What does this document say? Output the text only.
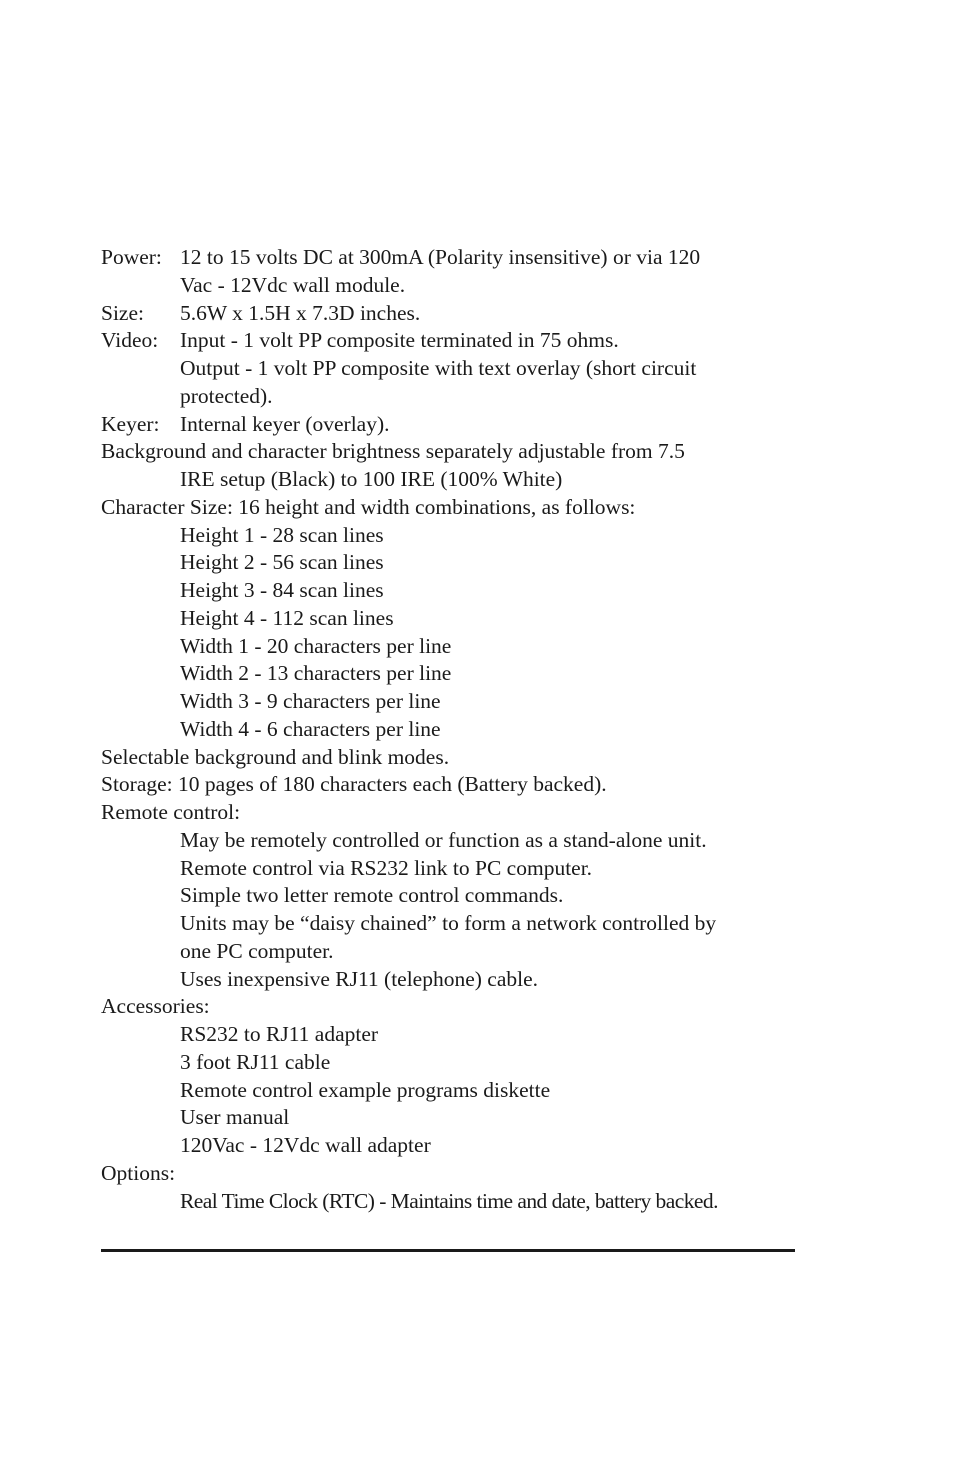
Power: 12 to 15 volts DC at 300mA (Polarity insensitive) or via 120
Vac - 12Vdc wall module.
Size: 5.6W x 1.5H x 7.3D inches.
Video: Input - 1 volt PP composite terminated in 75 ohms.
Output - 1 volt PP composite with text overlay (short circuit
protected).
Keyer: Internal keyer (overlay).
Background and character brightness separately adjustable from 7.5
IRE setup (Black) to 100 IRE (100% White)
Character Size: 16 height and width combinations, as follows:
Height 1 - 28 scan lines
Height 2 - 56 scan lines
Height 3 - 84 scan lines
Height 4 - 112 scan lines
Width 1 - 20 characters per line
Width 2 - 13 characters per line
Width 3 - 9 characters per line
Width 4 - 6 characters per line
Selectable background and blink modes.
Storage: 10 pages of 180 characters each (Battery backed).
Remote control:
May be remotely controlled or function as a stand-alone unit.
Remote control via RS232 link to PC computer.
Simple two letter remote control commands.
Units may be “daisy chained” to form a network controlled by
one PC computer.
Uses inexpensive RJ11 (telephone) cable.
Accessories:
RS232 to RJ11 adapter
3 foot RJ11 cable
Remote control example programs diskette
User manual
120Vac - 12Vdc wall adapter
Options:
Real Time Clock (RTC) - Maintains time and date, battery backed.
